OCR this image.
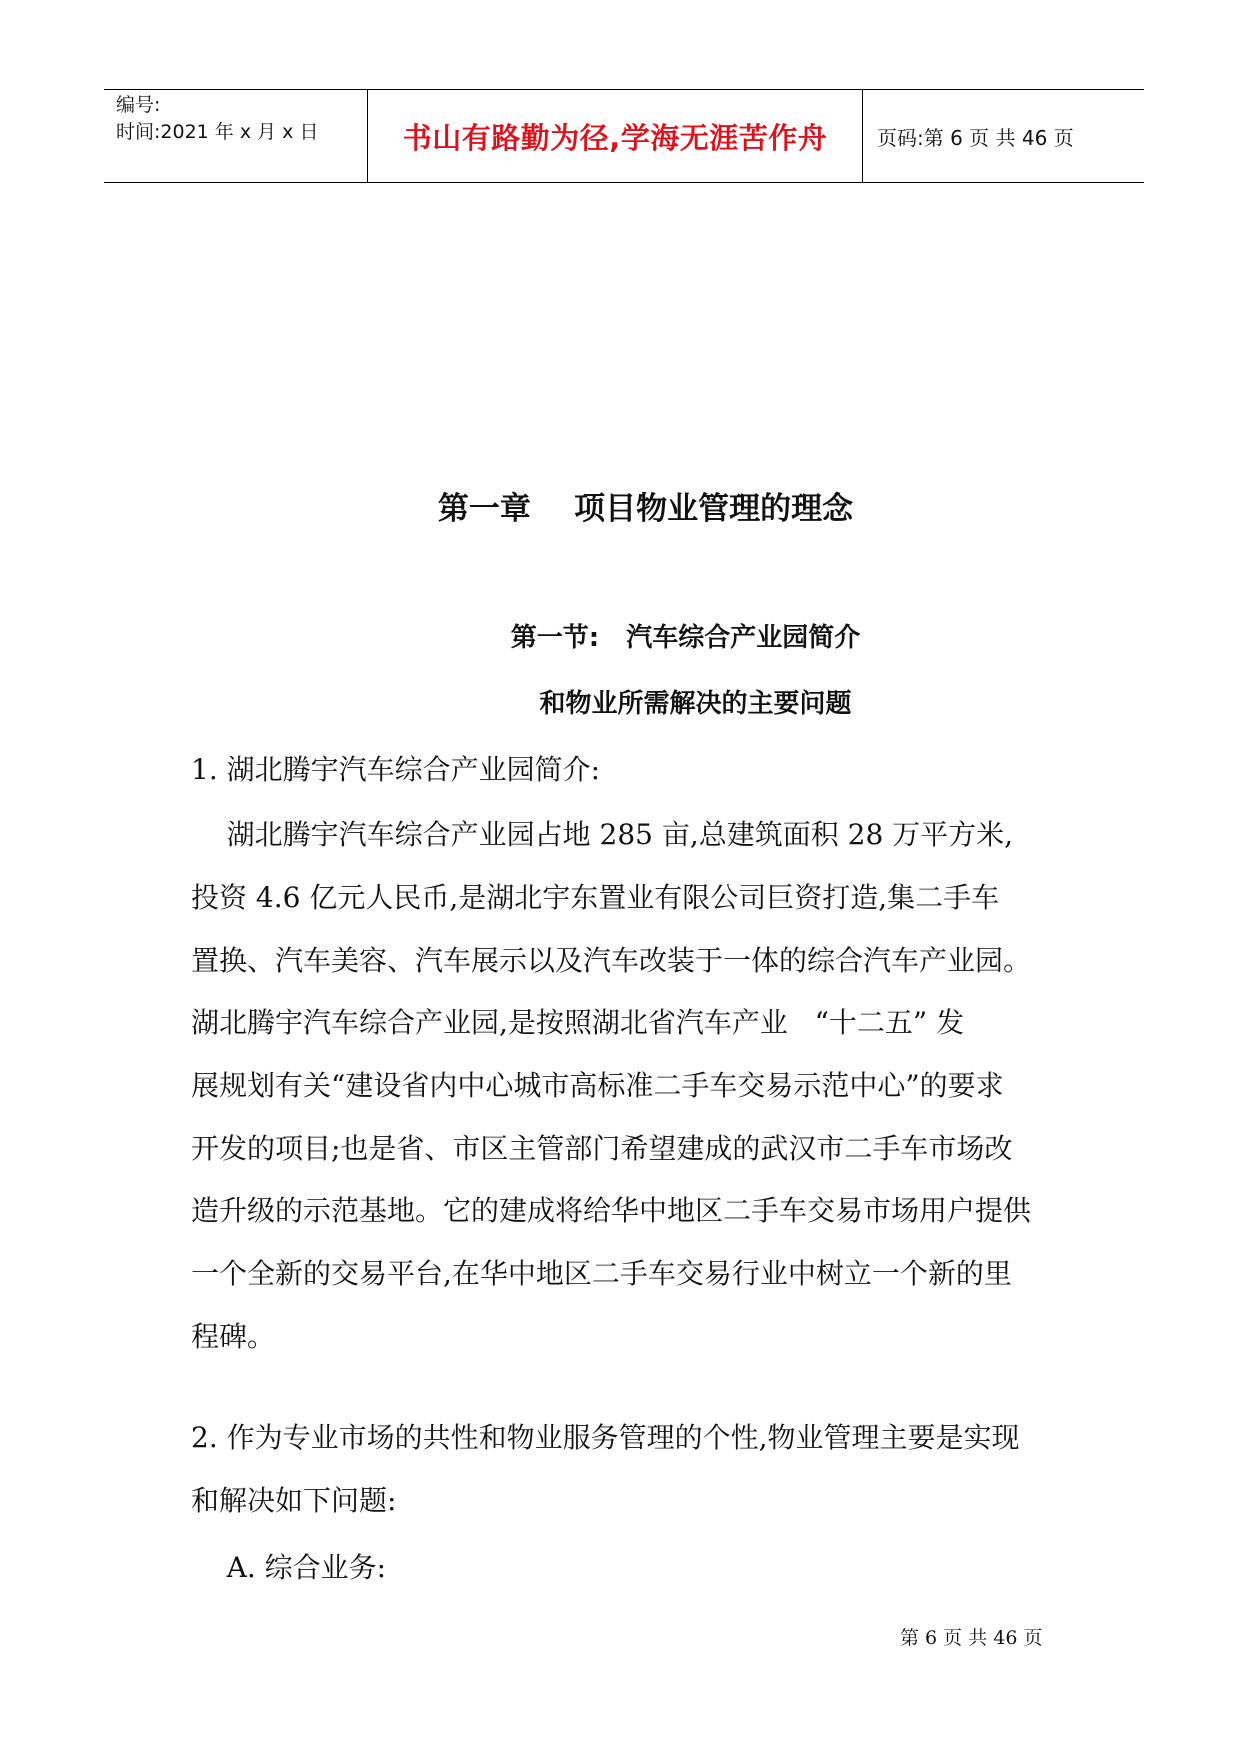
编号:
时间:2021 年 x 月 x 日	书山有路勤为径,学海无涯苦作舟 页码:第 6 页 共 46 页
第一章    项目物业管理的理念
第一节:   汽车综合产业园简介
和物业所需解决的主要问题
1. 湖北腾宇汽车综合产业园简介:
湖北腾宇汽车综合产业园占地 285 亩,总建筑面积 28 万平方米,
投资 4.6 亿元人民币,是湖北宇东置业有限公司巨资打造,集二手车
置换、汽车美容、汽车展示以及汽车改装于一体的综合汽车产业园。
湖北腾宇汽车综合产业园,是按照湖北省汽车产业   “十二五” 发
展规划有关“建设省内中心城市高标准二手车交易示范中心”的要求
开发的项目;也是省、市区主管部门希望建成的武汉市二手车市场改
造升级的示范基地。它的建成将给华中地区二手车交易市场用户提供
一个全新的交易平台,在华中地区二手车交易行业中树立一个新的里
程碑。
2. 作为专业市场的共性和物业服务管理的个性,物业管理主要是实现
和解决如下问题:
A. 综合业务:
第 6 页 共 46 页
